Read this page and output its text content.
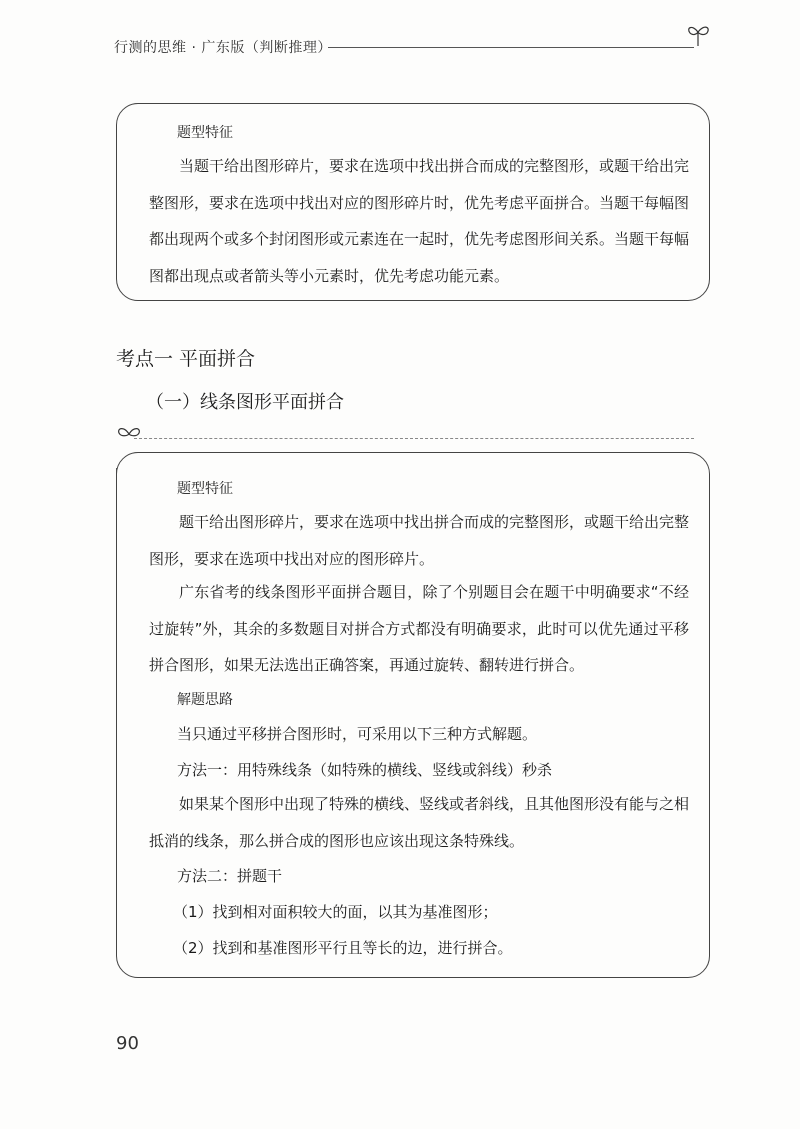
行测的思维 · 广东版（判断推理）
题型特征
当题干给出图形碎片，要求在选项中找出拼合而成的完整图形，或题干给出完整图形，要求在选项中找出对应的图形碎片时，优先考虑平面拼合。当题干每幅图都出现两个或多个封闭图形或元素连在一起时，优先考虑图形间关系。当题干每幅图都出现点或者箭头等小元素时，优先考虑功能元素。
考点一 平面拼合
（一）线条图形平面拼合
题型特征
题干给出图形碎片，要求在选项中找出拼合而成的完整图形，或题干给出完整图形，要求在选项中找出对应的图形碎片。
广东省考的线条图形平面拼合题目，除了个别题目会在题干中明确要求“不经过旋转”外，其余的多数题目对拼合方式都没有明确要求，此时可以优先通过平移拼合图形，如果无法选出正确答案，再通过旋转、翻转进行拼合。
解题思路
当只通过平移拼合图形时，可采用以下三种方式解题。
方法一：用特殊线条（如特殊的横线、竖线或斜线）秒杀
如果某个图形中出现了特殊的横线、竖线或者斜线，且其他图形没有能与之相抵消的线条，那么拼合成的图形也应该出现这条特殊线。
方法二：拼题干
（1）找到相对面积较大的面，以其为基准图形；
（2）找到和基准图形平行且等长的边，进行拼合。
90
